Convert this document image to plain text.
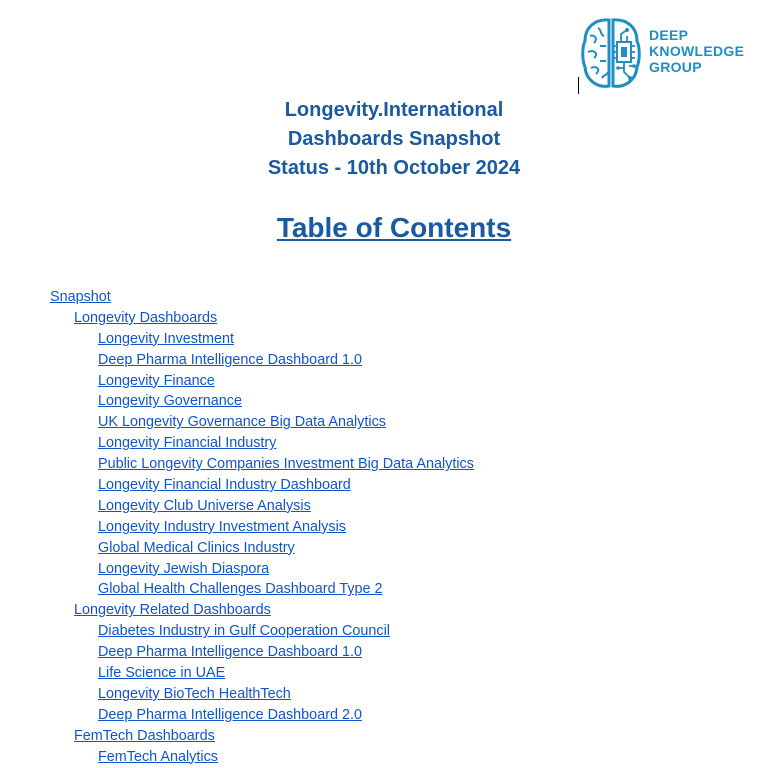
DEEP
KNOWLEDGE
GROUP
Longevity.International
Dashboards Snapshot
Status - 10th October 2024
Table of Contents
Snapshot
Longevity Dashboards
Longevity Investment
Deep Pharma Intelligence Dashboard 1.0
Longevity Finance
Longevity Governance
UK Longevity Governance Big Data Analytics
Longevity Financial Industry
Public Longevity Companies Investment Big Data Analytics
Longevity Financial Industry Dashboard
Longevity Club Universe Analysis
Longevity Industry Investment Analysis
Global Medical Clinics Industry
Longevity Jewish Diaspora
Global Health Challenges Dashboard Type 2
Longevity Related Dashboards
Diabetes Industry in Gulf Cooperation Council
Deep Pharma Intelligence Dashboard 1.0
Life Science in UAE
Longevity BioTech HealthTech
Deep Pharma Intelligence Dashboard 2.0
FemTech Dashboards
FemTech Analytics
